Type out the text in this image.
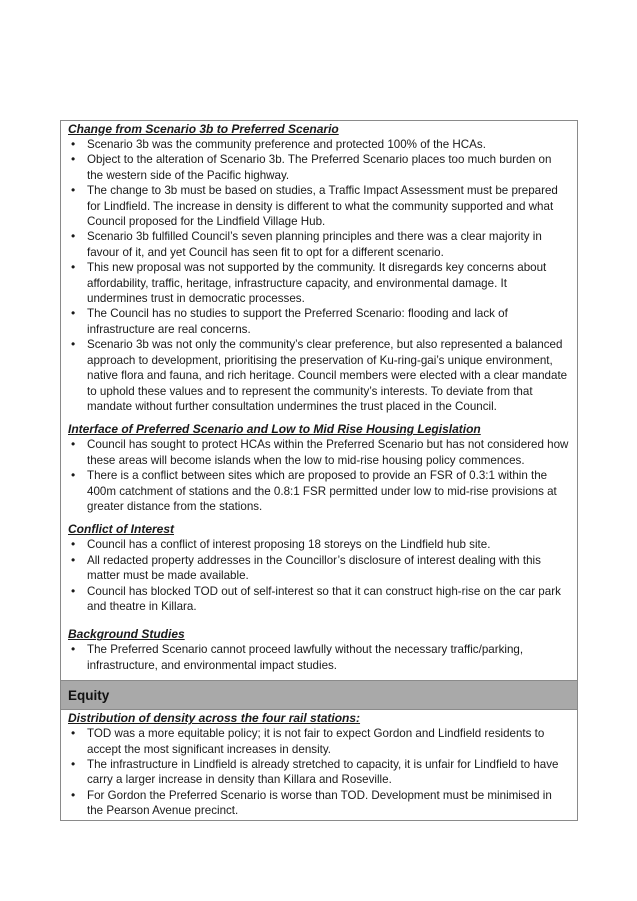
Change from Scenario 3b to Preferred Scenario

• Scenario 3b was the community preference and protected 100% of the HCAs.
• Object to the alteration of Scenario 3b. The Preferred Scenario places too much burden on the western side of the Pacific highway.
• The change to 3b must be based on studies, a Traffic Impact Assessment must be prepared for Lindfield. The increase in density is different to what the community supported and what Council proposed for the Lindfield Village Hub.
• Scenario 3b fulfilled Council’s seven planning principles and there was a clear majority in favour of it, and yet Council has seen fit to opt for a different scenario.
• This new proposal was not supported by the community. It disregards key concerns about affordability, traffic, heritage, infrastructure capacity, and environmental damage. It undermines trust in democratic processes.
• The Council has no studies to support the Preferred Scenario: flooding and lack of infrastructure are real concerns.
• Scenario 3b was not only the community’s clear preference, but also represented a balanced approach to development, prioritising the preservation of Ku-ring-gai’s unique environment, native flora and fauna, and rich heritage. Council members were elected with a clear mandate to uphold these values and to represent the community’s interests. To deviate from that mandate without further consultation undermines the trust placed in the Council.

Interface of Preferred Scenario and Low to Mid Rise Housing Legislation

• Council has sought to protect HCAs within the Preferred Scenario but has not considered how these areas will become islands when the low to mid-rise housing policy commences.
• There is a conflict between sites which are proposed to provide an FSR of 0.3:1 within the 400m catchment of stations and the 0.8:1 FSR permitted under low to mid-rise provisions at greater distance from the stations.

Conflict of Interest

• Council has a conflict of interest proposing 18 storeys on the Lindfield hub site.
• All redacted property addresses in the Councillor’s disclosure of interest dealing with this matter must be made available.
• Council has blocked TOD out of self-interest so that it can construct high-rise on the car park and theatre in Killara.

Background Studies

• The Preferred Scenario cannot proceed lawfully without the necessary traffic/parking, infrastructure, and environmental impact studies.
Equity

Distribution of density across the four rail stations:

• TOD was a more equitable policy; it is not fair to expect Gordon and Lindfield residents to accept the most significant increases in density.
• The infrastructure in Lindfield is already stretched to capacity, it is unfair for Lindfield to have carry a larger increase in density than Killara and Roseville.
• For Gordon the Preferred Scenario is worse than TOD. Development must be minimised in the Pearson Avenue precinct.
